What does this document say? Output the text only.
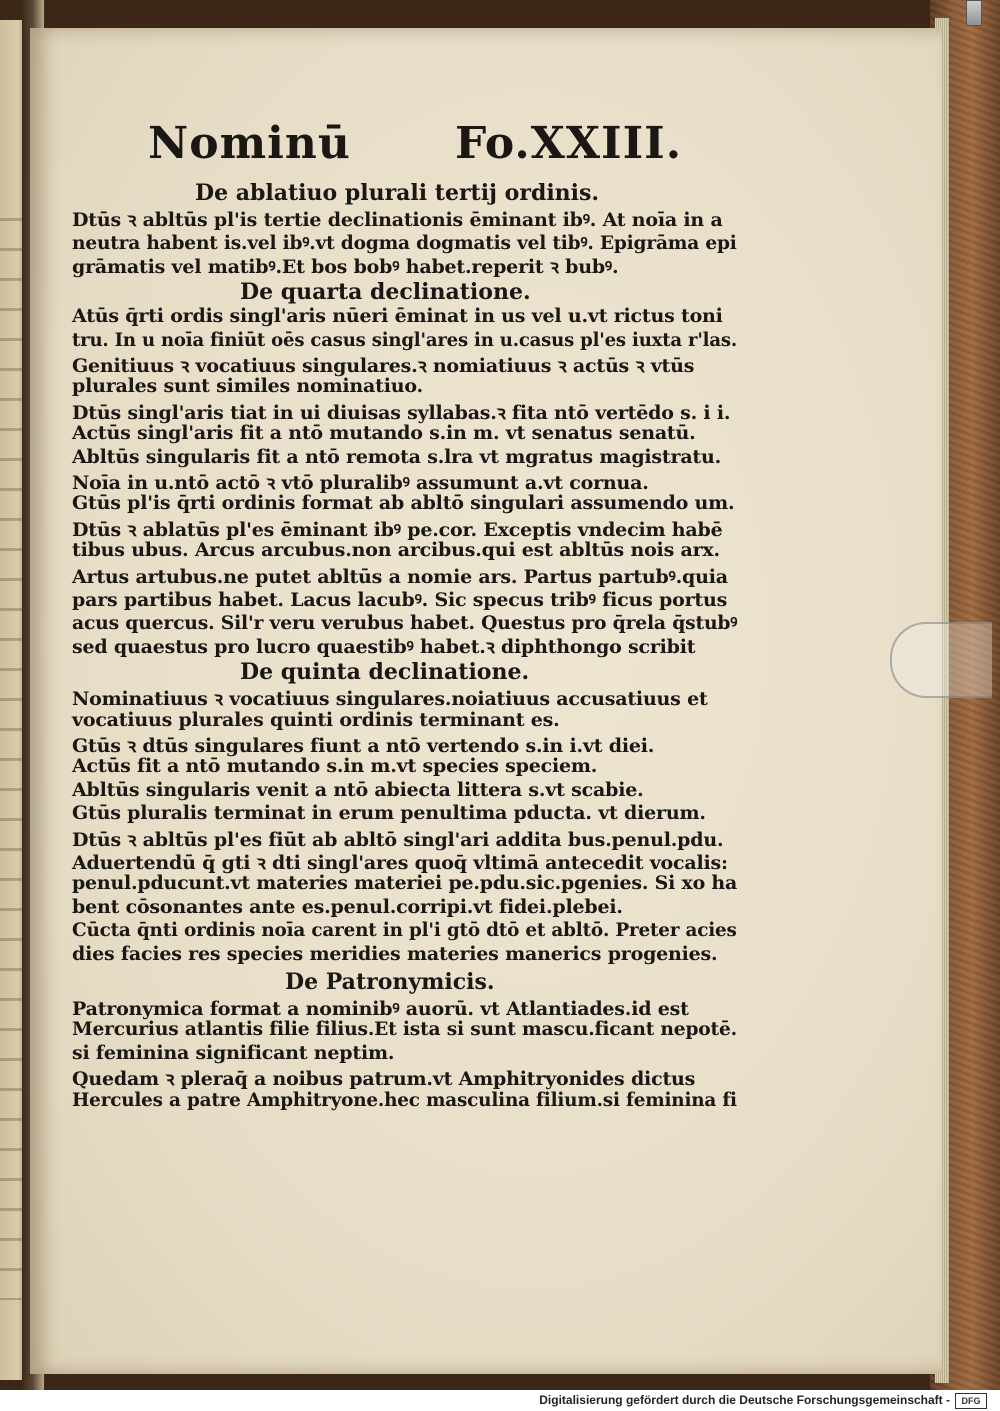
Nominū Fo.XXIII.
De ablatiuo plurali tertij ordinis.
Dtūs ꝛ abltūs pl'is tertie declinationis ēminant ibꝰ. At noīa in a
neutra habent is.vel ibꝰ.vt dogma dogmatis vel tibꝰ. Epigrāma epi
grāmatis vel matibꝰ.Et bos bobꝰ habet.reperit ꝛ bubꝰ.
De quarta declinatione.
Atūs q̄rti ordis singl'aris nūeri ēminat in us vel u.vt rictus toni
tru. In u noīa finiūt oēs casus singl'ares in u.casus pl'es iuxta r'las.
Genitiuus ꝛ vocatiuus singulares.ꝛ nomiatiuus ꝛ actūs ꝛ vtūs
plurales sunt similes nominatiuo.
Dtūs singl'aris tiat in ui diuisas syllabas.ꝛ fita ntō vertēdo s. i i.
Actūs singl'aris fit a ntō mutando s.in m. vt senatus senatū.
Abltūs singularis fit a ntō remota s.lra vt mgratus magistratu.
Noīa in u.ntō actō ꝛ vtō pluralibꝰ assumunt a.vt cornua.
Gtūs pl'is q̄rti ordinis format ab abltō singulari assumendo um.
Dtūs ꝛ ablatūs pl'es ēminant ibꝰ pe.cor. Exceptis vndecim habē
tibus ubus. Arcus arcubus.non arcibus.qui est abltūs nois arx.
Artus artubus.ne putet abltūs a nomie ars. Partus partubꝰ.quia
pars partibus habet. Lacus lacubꝰ. Sic specus tribꝰ ficus portus
acus quercus. Sil'r veru verubus habet. Questus pro q̄rela q̄stubꝰ
sed quaestus pro lucro quaestibꝰ habet.ꝛ diphthongo scribit
De quinta declinatione.
Nominatiuus ꝛ vocatiuus singulares.noiatiuus accusatiuus et
vocatiuus plurales quinti ordinis terminant es.
Gtūs ꝛ dtūs singulares fiunt a ntō vertendo s.in i.vt diei.
Actūs fit a ntō mutando s.in m.vt species speciem.
Abltūs singularis venit a ntō abiecta littera s.vt scabie.
Gtūs pluralis terminat in erum penultima pducta. vt dierum.
Dtūs ꝛ abltūs pl'es fiūt ab abltō singl'ari addita bus.penul.pdu.
Aduertendū q̄ gti ꝛ dti singl'ares quoq̄ vltimā antecedit vocalis:
penul.pducunt.vt materies materiei pe.pdu.sic.pgenies. Si xo ha
bent cōsonantes ante es.penul.corripi.vt fidei.plebei.
Cūcta q̄nti ordinis noīa carent in pl'i gtō dtō et abltō. Preter acies
dies facies res species meridies materies manerics progenies.
De Patronymicis.
Patronymica format a nominibꝰ auorū. vt Atlantiades.id est
Mercurius atlantis filie filius.Et ista si sunt mascu.ficant nepotē.
si feminina significant neptim.
Quedam ꝛ pleraq̄ a noibus patrum.vt Amphitryonides dictus
Hercules a patre Amphitryone.hec masculina filium.si feminina fi
Digitalisierung gefördert durch die Deutsche Forschungsgemeinschaft -	DFG
